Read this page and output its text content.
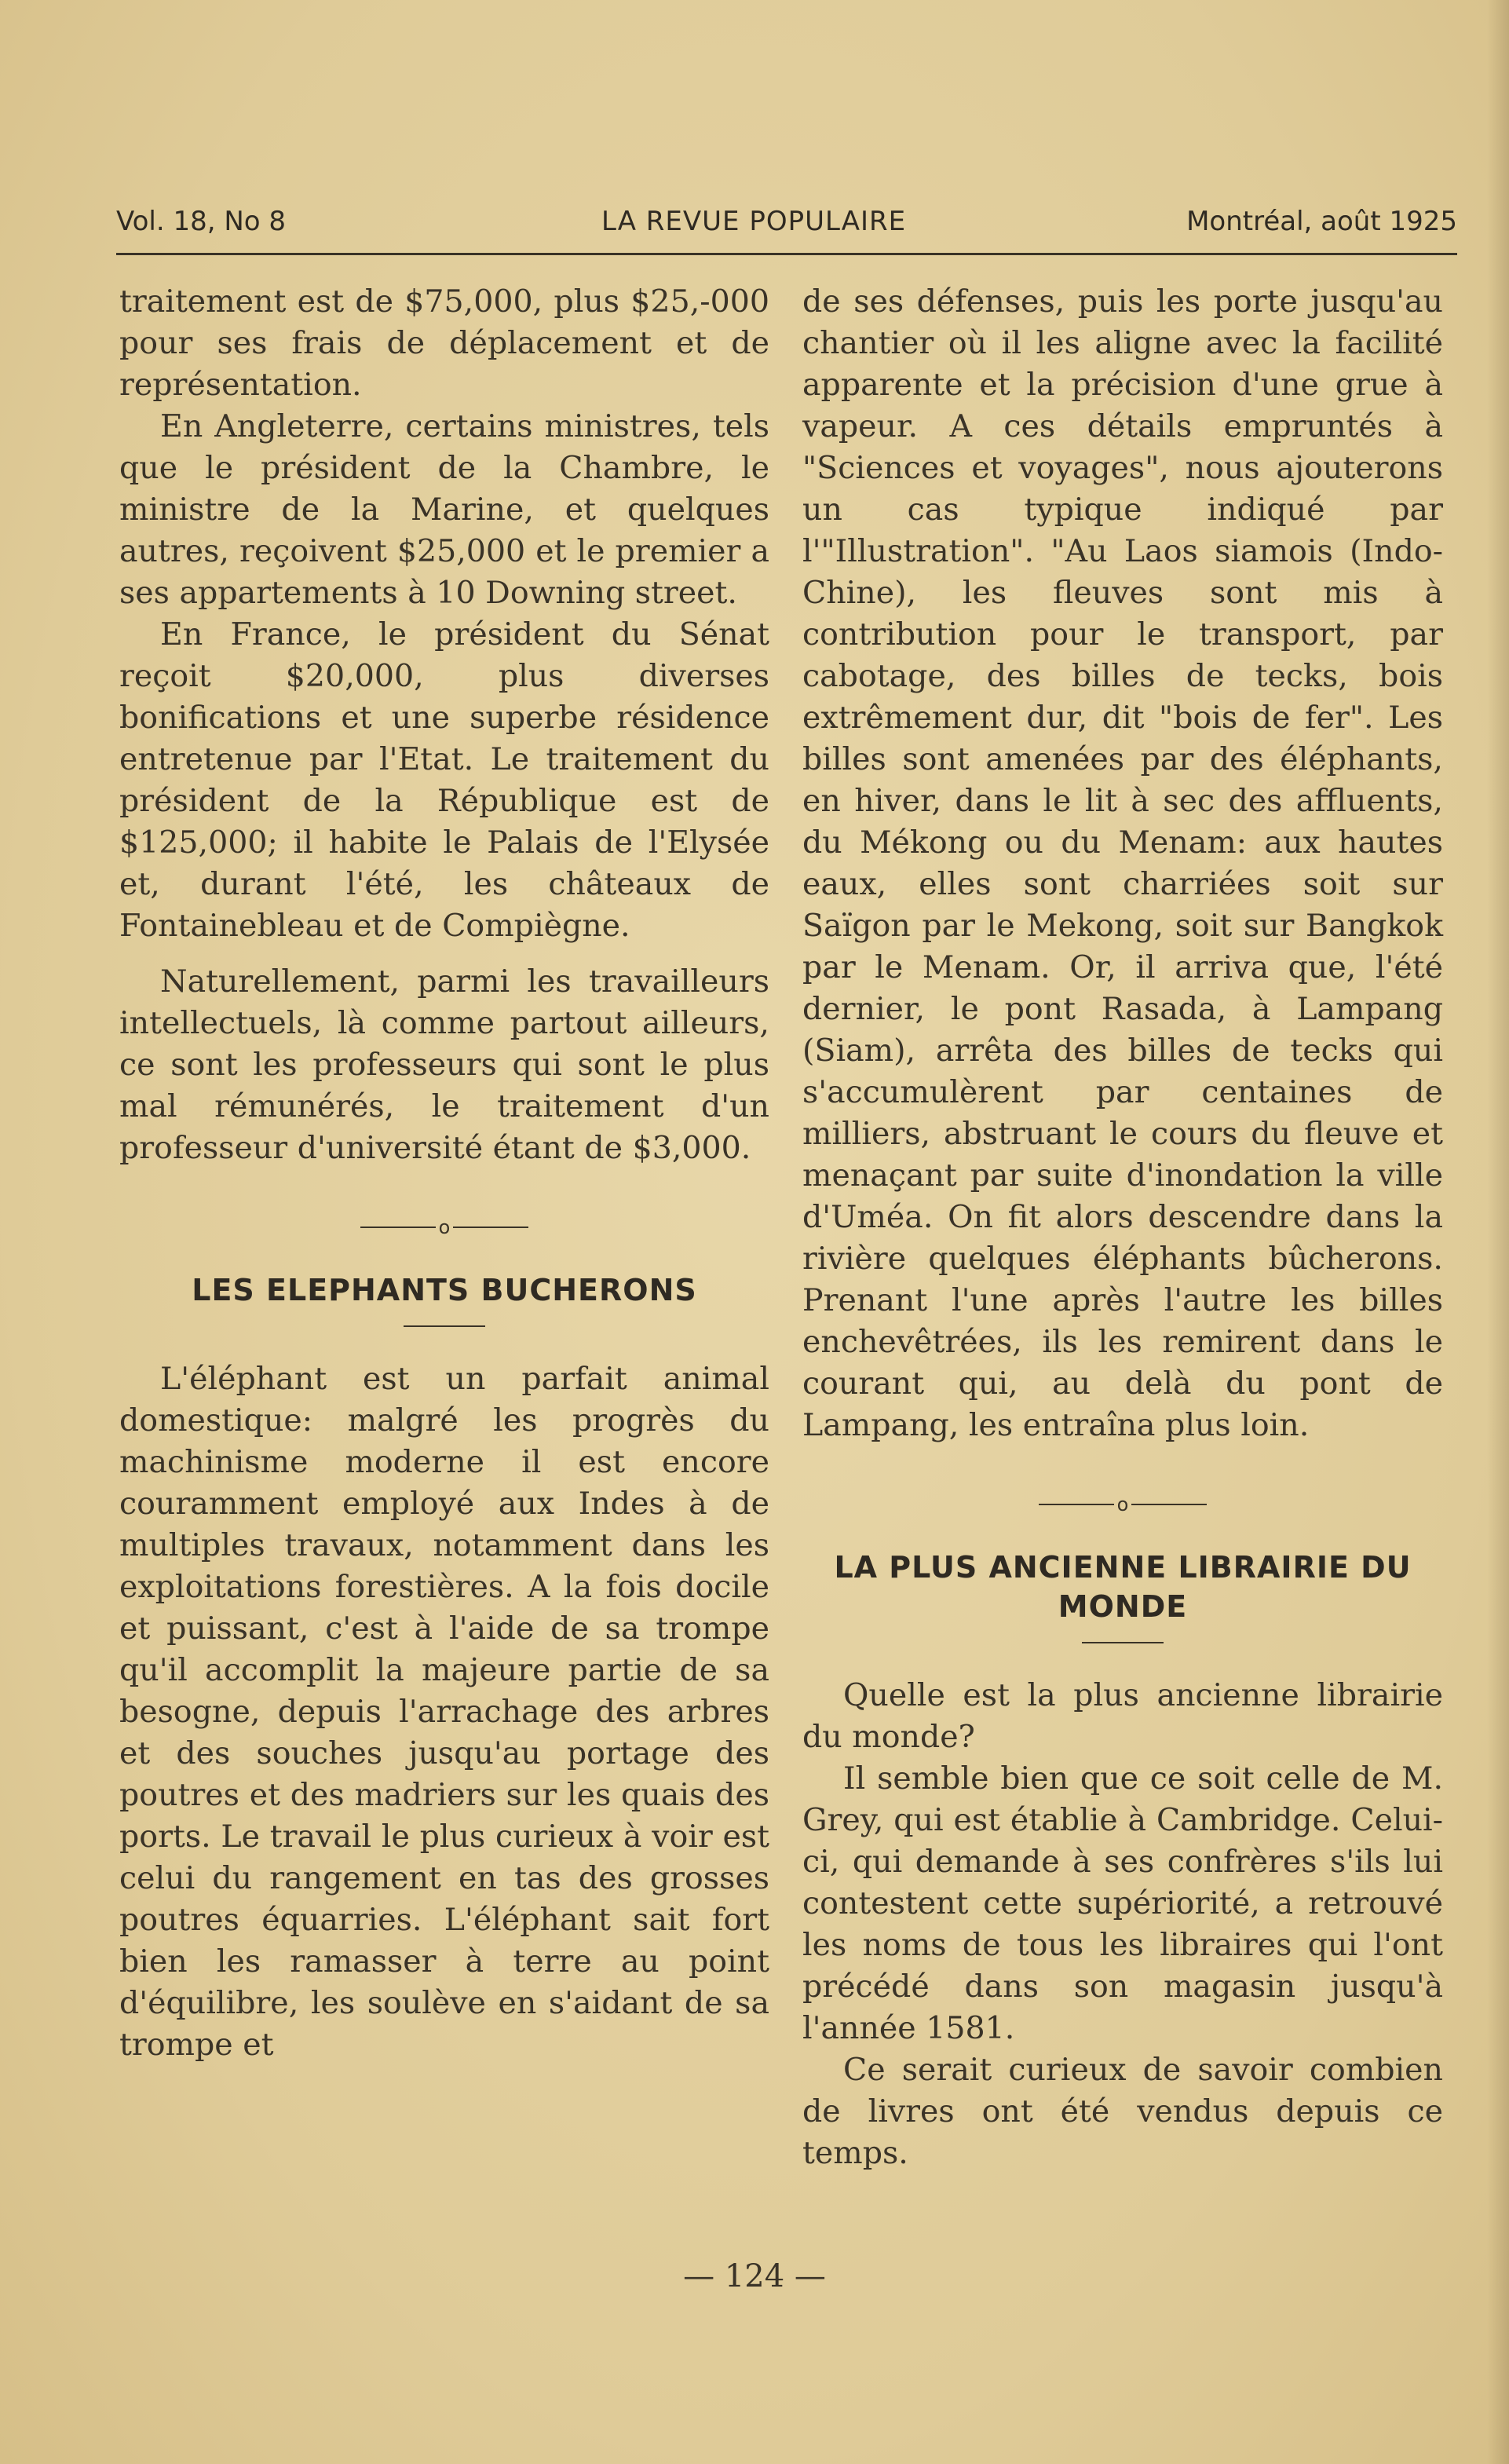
Vol. 18, No 8	LA REVUE POPULAIRE	Montréal, août 1925

traitement est de $75,000, plus $25,-000 pour ses frais de déplacement et de représentation.

En Angleterre, certains ministres, tels que le président de la Chambre, le ministre de la Marine, et quelques autres, reçoivent $25,000 et le premier a ses appartements à 10 Downing street.

En France, le président du Sénat reçoit $20,000, plus diverses bonifications et une superbe résidence entretenue par l'Etat. Le traitement du président de la République est de $125,000; il habite le Palais de l'Elysée et, durant l'été, les châteaux de Fontainebleau et de Compiègne.

Naturellement, parmi les travailleurs intellectuels, là comme partout ailleurs, ce sont les professeurs qui sont le plus mal rémunérés, le traitement d'un professeur d'université étant de $3,000.

o
LES ELEPHANTS BUCHERONS

L'éléphant est un parfait animal domestique: malgré les progrès du machinisme moderne il est encore couramment employé aux Indes à de multiples travaux, notamment dans les exploitations forestières. A la fois docile et puissant, c'est à l'aide de sa trompe qu'il accomplit la majeure partie de sa besogne, depuis l'arrachage des arbres et des souches jusqu'au portage des poutres et des madriers sur les quais des ports. Le travail le plus curieux à voir est celui du rangement en tas des grosses poutres équarries. L'éléphant sait fort bien les ramasser à terre au point d'équilibre, les soulève en s'aidant de sa trompe et

de ses défenses, puis les porte jusqu'au chantier où il les aligne avec la facilité apparente et la précision d'une grue à vapeur. A ces détails empruntés à "Sciences et voyages", nous ajouterons un cas typique indiqué par l'"Illustration". "Au Laos siamois (Indo-Chine), les fleuves sont mis à contribution pour le transport, par cabotage, des billes de tecks, bois extrêmement dur, dit "bois de fer". Les billes sont amenées par des éléphants, en hiver, dans le lit à sec des affluents, du Mékong ou du Menam: aux hautes eaux, elles sont charriées soit sur Saïgon par le Mekong, soit sur Bangkok par le Menam. Or, il arriva que, l'été dernier, le pont Rasada, à Lampang (Siam), arrêta des billes de tecks qui s'accumulèrent par centaines de milliers, abstruant le cours du fleuve et menaçant par suite d'inondation la ville d'Uméa. On fit alors descendre dans la rivière quelques éléphants bûcherons. Prenant l'une après l'autre les billes enchevêtrées, ils les remirent dans le courant qui, au delà du pont de Lampang, les entraîna plus loin.

o
LA PLUS ANCIENNE LIBRAIRIE DU MONDE

Quelle est la plus ancienne librairie du monde?

Il semble bien que ce soit celle de M. Grey, qui est établie à Cambridge. Celui-ci, qui demande à ses confrères s'ils lui contestent cette supériorité, a retrouvé les noms de tous les libraires qui l'ont précédé dans son magasin jusqu'à l'année 1581.

Ce serait curieux de savoir combien de livres ont été vendus depuis ce temps.

— 124 —
